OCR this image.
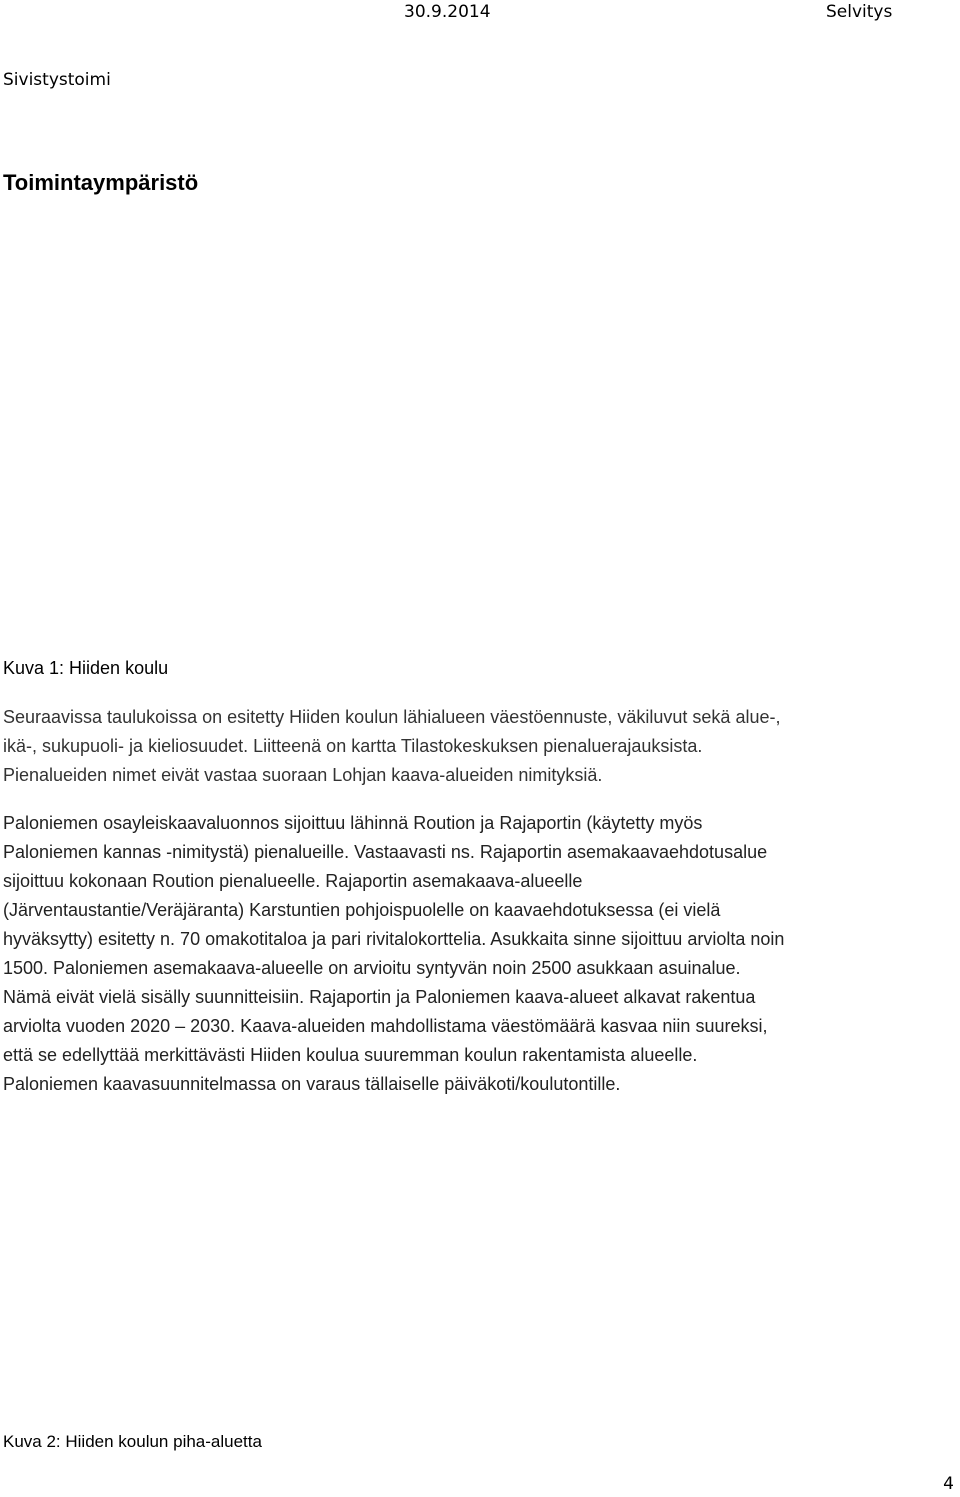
30.9.2014	Selvitys
Sivistystoimi
Toimintaympäristö
Kuva 1: Hiiden koulu

Seuraavissa taulukoissa on esitetty Hiiden koulun lähialueen väestöennuste, väkiluvut sekä alue-,
ikä-, sukupuoli- ja kieliosuudet. Liitteenä on kartta Tilastokeskuksen pienaluerajauksista.
Pienalueiden nimet eivät vastaa suoraan Lohjan kaava-alueiden nimityksiä.

Paloniemen osayleiskaavaluonnos sijoittuu lähinnä Roution ja Rajaportin (käytetty myös
Paloniemen kannas -nimitystä) pienalueille. Vastaavasti ns. Rajaportin asemakaavaehdotusalue
sijoittuu kokonaan Roution pienalueelle. Rajaportin asemakaava-alueelle
(Järventaustantie/Veräjäranta) Karstuntien pohjoispuolelle on kaavaehdotuksessa (ei vielä
hyväksytty) esitetty n. 70 omakotitaloa ja pari rivitalokorttelia. Asukkaita sinne sijoittuu arviolta noin
1500. Paloniemen asemakaava-alueelle on arvioitu syntyvän noin 2500 asukkaan asuinalue.
Nämä eivät vielä sisälly suunnitteisiin. Rajaportin ja Paloniemen kaava-alueet alkavat rakentua
arviolta vuoden 2020 – 2030. Kaava-alueiden mahdollistama väestömäärä kasvaa niin suureksi,
että se edellyttää merkittävästi Hiiden koulua suuremman koulun rakentamista alueelle.
Paloniemen kaavasuunnitelmassa on varaus tällaiselle päiväkoti/koulutontille.

Kuva 2: Hiiden koulun piha-aluetta
4
